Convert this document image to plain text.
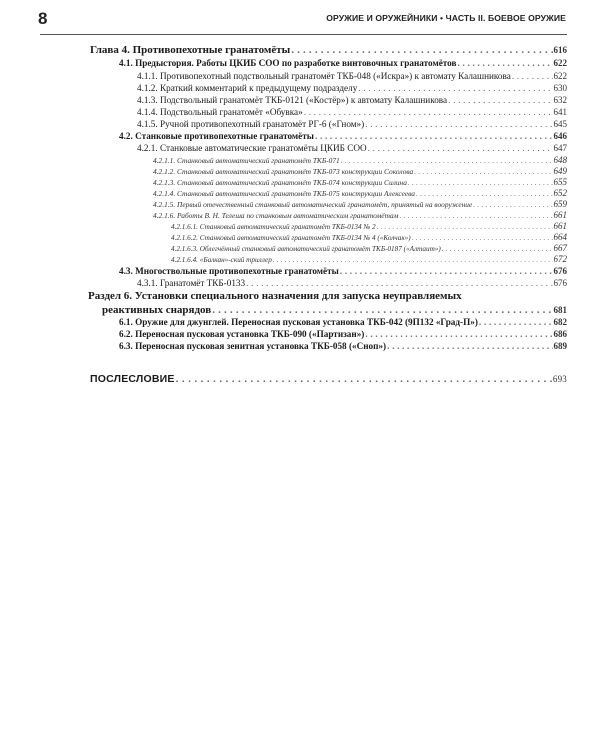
8	ОРУЖИЕ И ОРУЖЕЙНИКИ • ЧАСТЬ II. БОЕВОЕ ОРУЖИЕ
Глава 4. Противопехотные гранатомёты . . .	616
4.1. Предыстория. Работы ЦКИБ СОО по разработке винтовочных гранатомётов . . .	622
4.1.1. Противопехотный подствольный гранатомёт ТКБ-048 («Искра») к автомату Калашникова . . .	622
4.1.2. Краткий комментарий к предыдущему подразделу . . .	630
4.1.3. Подствольный гранатомёт ТКБ-0121 («Костёр») к автомату Калашникова . . .	632
4.1.4. Подствольный гранатомёт «Обувка» . . .	641
4.1.5. Ручной противопехотный гранатомёт РГ-6 («Гном») . . .	645
4.2. Станковые противопехотные гранатомёты . . .	646
4.2.1. Станковые автоматические гранатомёты ЦКИБ СОО . . .	647
4.2.1.1. Станковый автоматический гранатомёт ТКБ-071 . . .	648
4.2.1.2. Станковый автоматический гранатомёт ТКБ-073 конструкции Соколова . . .	649
4.2.1.3. Станковый автоматический гранатомёт ТКБ-074 конструкции Силина . . .	655
4.2.1.4. Станковый автоматический гранатомёт ТКБ-075 конструкции Алексеева . . .	652
4.2.1.5. Первый отечественный станковый автоматический гранатомёт, принятый на вооружение . . .	659
4.2.1.6. Работы В. Н. Телеша по станковым автоматическим гранатомётам . . .	661
4.2.1.6.1. Станковый автоматический гранатомёт ТКБ-0134 № 2 . . .	661
4.2.1.6.2. Станковый автоматический гранатомёт ТКБ-0134 № 4 («Колчак») . . .	664
4.2.1.6.3. Облегчённый станковый автоматический гранатомёт ТКБ-0187 («Алтаит») . . .	667
4.2.1.6.4. «Балкан»-ский триллер . . .	672
4.3. Многоствольные противопехотные гранатомёты . . .	676
4.3.1. Гранатомёт ТКБ-0133 . . .	676
Раздел 6. Установки специального назначения для запуска неуправляемых
реактивных снарядов . . .	681
6.1. Оружие для джунглей. Переносная пусковая установка ТКБ-042 (9П132 «Град-П») . . .	682
6.2. Переносная пусковая установка ТКБ-090 («Партизан») . . .	686
6.3. Переносная пусковая зенитная установка ТКБ-058 («Сноп») . . .	689
ПОСЛЕСЛОВИЕ . . .	693
